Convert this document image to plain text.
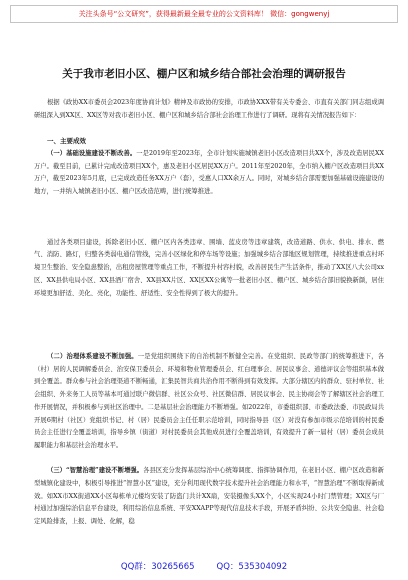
关注头条号“公文研究”，获得最新最全最专业的公文资料库！ 微信：gongwenyj
关于我市老旧小区、棚户区和城乡结合部社会治理的调研报告

根据《政协XX市委员会2023年度协商计划》精神及市政协的安排，市政协XXX带有关专委会、市直有关部门同志组成调研组深入到XX区、XX区等对我市老旧小区、棚户区和城乡结合部社会治理工作进行了调研。现将有关情况报告如下：

一、主要成效

（一）基础设施建设不断改善。一是2019年至2023年，全市计划实施城镇老旧小区改造项目共XX个，涉及改造居民XX万户。截至目前，已累计完成改造项目XX个，惠及老旧小区居民XX万户。2011年至2020年，全市纳入棚户区改造项目共XX万户，截至2023年5月底，已完成改造任务XX万户（套），受惠人口XX余万人。同时，对城乡结合部需要加强基础设施建设的地方，一并纳入城镇老旧小区、棚户区改造范畴，进行统筹推进。

通过各类项目建设，拆除老旧小区、棚户区内各类违章、围墙、蓝皮房等违章建筑，改造道路、供水、供电、排水、燃气、消防、路灯，归整各类弱电通信管线，完善小区绿化和停车场等设施；加强城乡结合部地区规划管理，持续推进重点村环境卫生整治、安全隐患整治，出租房屋管理等重点工作，不断提升村容村貌，改善居民生产生活条件，推动了XX区八大公司xx区、XX县供电局小区、XX县酒厂宿舍、XX县XX片区、XX区XX公寓等一批老旧小区、棚户区、城乡结合部旧貌换新颜，居住环境更加舒适、美化、亮化，功能性、舒适性、安全性得到了极大的提升。

（二）治理体系建设不断加强。一是党组织围绕下的自治机制不断健全完善。在党组织、民政等部门的统筹推进下，各（村）居的人民调解委员会、治安保卫委员会、环境和物业管理委员会、红白理事会、居民议事会、道德评议会等组织基本做到全覆盖。群众参与社会治理渠道不断畅通，汇集民智共商共治作用不断得到有效发挥。大部分辖区内的群众、驻村单位、社会组织、外来务工人员等基本可通过联户微信群、社区公众号、社区微信群、居民议事会、民主协商会等了解辖区社会治理工作开展情况，并积极参与到社区治理中。二是基层社会治理能力不断增强。如2022年，市委组织部、市委政法委、市民政局共开展6期村（社区）党组织书记、村（居）民委员会主任任职示范培训，同时指导县（区）对没有参加市级示范培训的村民委员会主任进行全覆盖培训，指导乡镇（街道）对村民委员会其他成员进行全覆盖培训，有效提升了新一届村（居）委员会成员履职能力和基层社会治理水平。

（三）“智慧治理”建设不断增强。各县区充分发挥基层综治中心统筹调度、指挥协调作用，在老旧小区、棚户区改造和新型城镇化建设中，积极引导推进“智慧小区”建设，充分利用现代数字技术提升社会治理能力和水平，“智慧治理”不断取得新成效。如XX市XX街道XX小区每栋单元楼均安装了防盗门共计XX扇，安装摄像头XX个，小区实现24小时门禁管理；XX区与厂村通过加强综治信息平台建设，利用综治信息系统、平安XXAPP等现代信息技术手段，开展矛盾纠纷、公共安全隐患、社会稳定风险排查，上报、调处、化解，稳

QQ群：30265665	QQ：535304092
